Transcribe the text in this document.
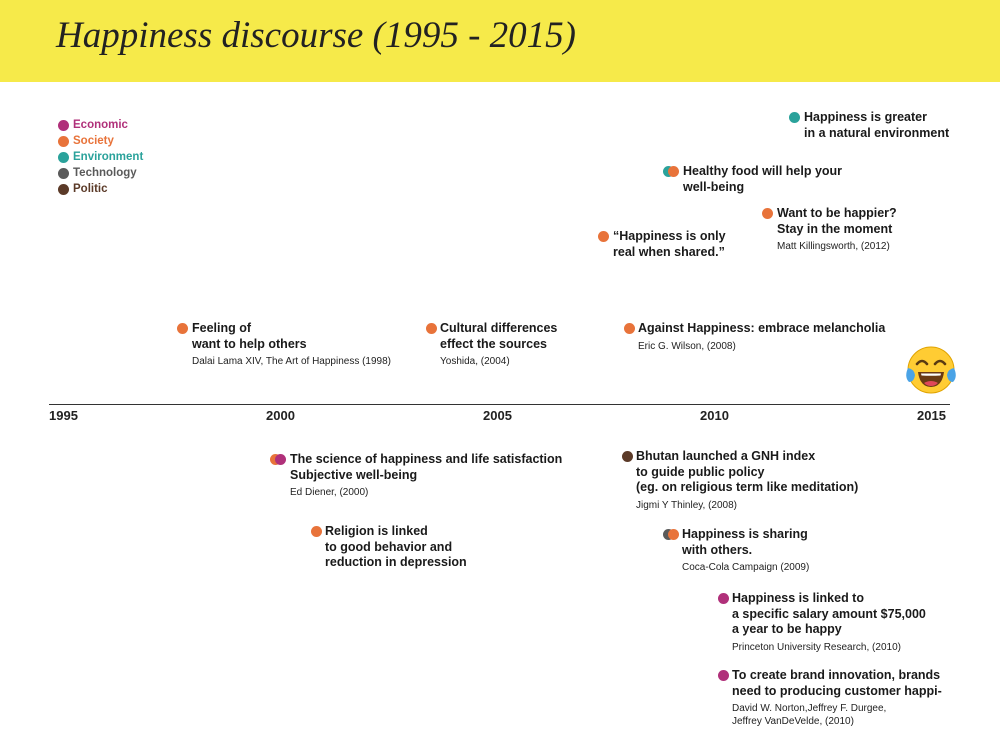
Happiness discourse (1995 - 2015)
Economic
Society
Environment
Technology
Politic
1995	2000	2005	2010	2015
Feeling of
want to help others
Dalai Lama XIV, The Art of Happiness (1998)
Cultural differences
effect the sources
Yoshida, (2004)
Against Happiness: embrace melancholia
Eric G. Wilson, (2008)
“Happiness is only
real when shared.”
Healthy food will help your
well-being
Want to be happier?
Stay in the moment
Matt Killingsworth, (2012)
Happiness is greater
in a natural environment
The science of happiness and life satisfaction
Subjective well-being
Ed Diener, (2000)
Religion is linked
to good behavior and
reduction in depression
Bhutan launched a GNH index
to guide public policy
(eg. on religious term like meditation)
Jigmi Y Thinley, (2008)
Happiness is sharing
with others.
Coca-Cola Campaign (2009)
Happiness is linked to
a specific salary amount $75,000
a year to be happy
Princeton University Research, (2010)
To create brand innovation, brands
need to producing customer happi-
David W. Norton,Jeffrey F. Durgee,
Jeffrey VanDeVelde, (2010)
